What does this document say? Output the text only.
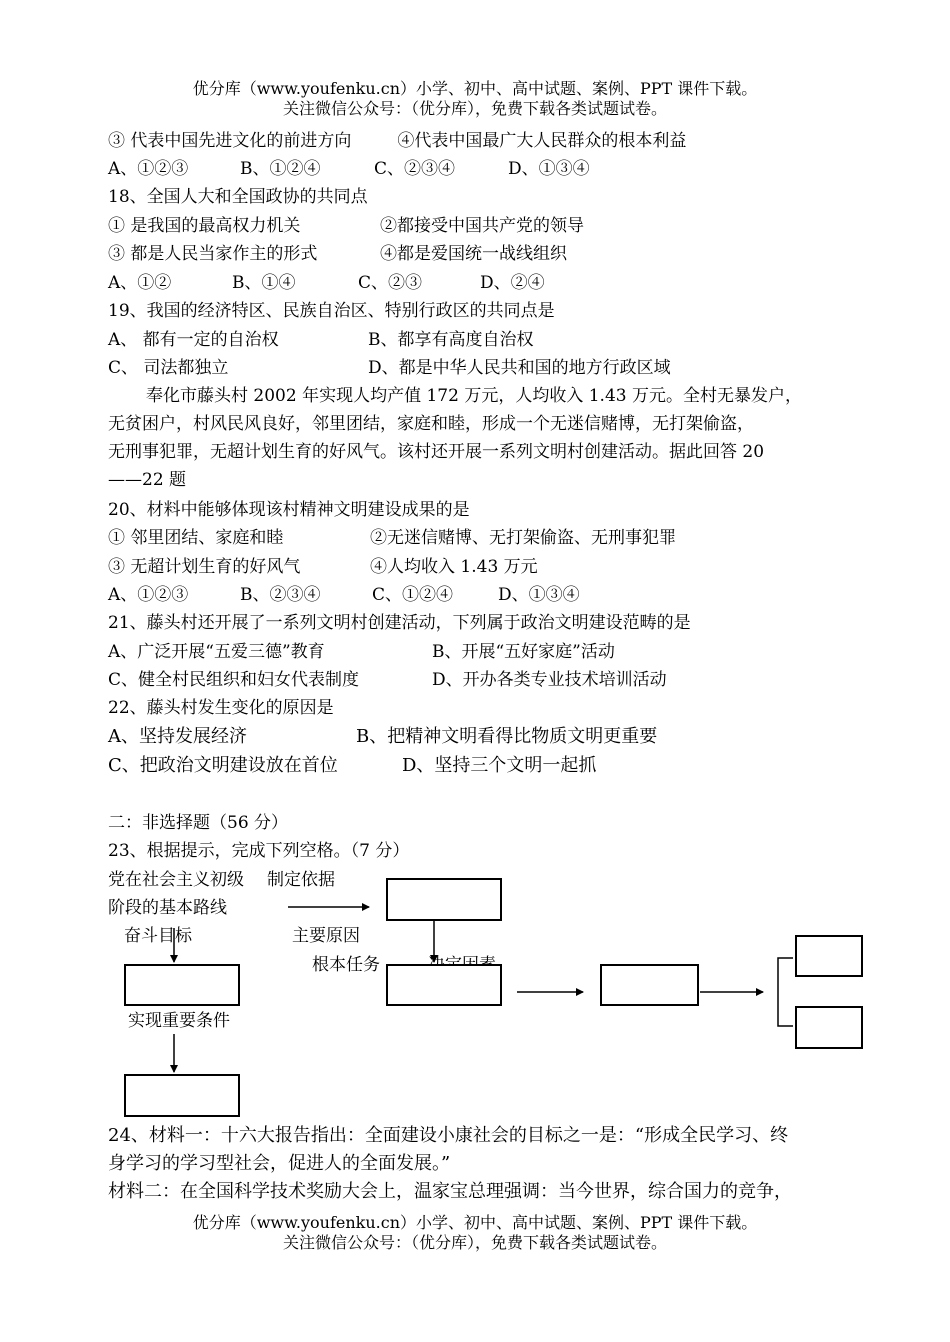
优分库（www.youfenku.cn）小学、初中、高中试题、案例、PPT 课件下载。
关注微信公众号：（优分库），免费下载各类试题试卷。
③ 代表中国先进文化的前进方向	④代表中国最广大人民群众的根本利益
A、①②③	B、①②④	C、②③④	D、①③④
18、全国人大和全国政协的共同点
① 是我国的最高权力机关	②都接受中国共产党的领导
③ 都是人民当家作主的形式	④都是爱国统一战线组织
A、①②	B、①④	C、②③	D、②④
19、我国的经济特区、民族自治区、特别行政区的共同点是
A、 都有一定的自治权	B、都享有高度自治权
C、 司法都独立	D、都是中华人民共和国的地方行政区域
奉化市藤头村 2002 年实现人均产值 172 万元，人均收入 1.43 万元。全村无暴发户，
无贫困户，村风民风良好，邻里团结，家庭和睦，形成一个无迷信赌博，无打架偷盗，
无刑事犯罪，无超计划生育的好风气。该村还开展一系列文明村创建活动。据此回答 20
——22 题
20、材料中能够体现该村精神文明建设成果的是
① 邻里团结、家庭和睦	②无迷信赌博、无打架偷盗、无刑事犯罪
③ 无超计划生育的好风气	④人均收入 1.43 万元
A、①②③	B、②③④	C、①②④	D、①③④
21、藤头村还开展了一系列文明村创建活动，下列属于政治文明建设范畴的是
A、广泛开展“五爱三德”教育	B、开展“五好家庭”活动
C、健全村民组织和妇女代表制度	D、开办各类专业技术培训活动
22、藤头村发生变化的原因是
A、坚持发展经济	B、把精神文明看得比物质文明更重要
C、把政治文明建设放在首位	D、坚持三个文明一起抓
二：非选择题（56 分）
23、根据提示，完成下列空格。（7 分）
党在社会主义初级 制定依据
阶段的基本路线
奋斗目标	主要原因
根本任务
实现重要条件
24、材料一：十六大报告指出：全面建设小康社会的目标之一是：“形成全民学习、终
身学习的学习型社会，促进人的全面发展。”
材料二：在全国科学技术奖励大会上，温家宝总理强调：当今世界，综合国力的竞争，
优分库（www.youfenku.cn）小学、初中、高中试题、案例、PPT 课件下载。
关注微信公众号：（优分库），免费下载各类试题试卷。
